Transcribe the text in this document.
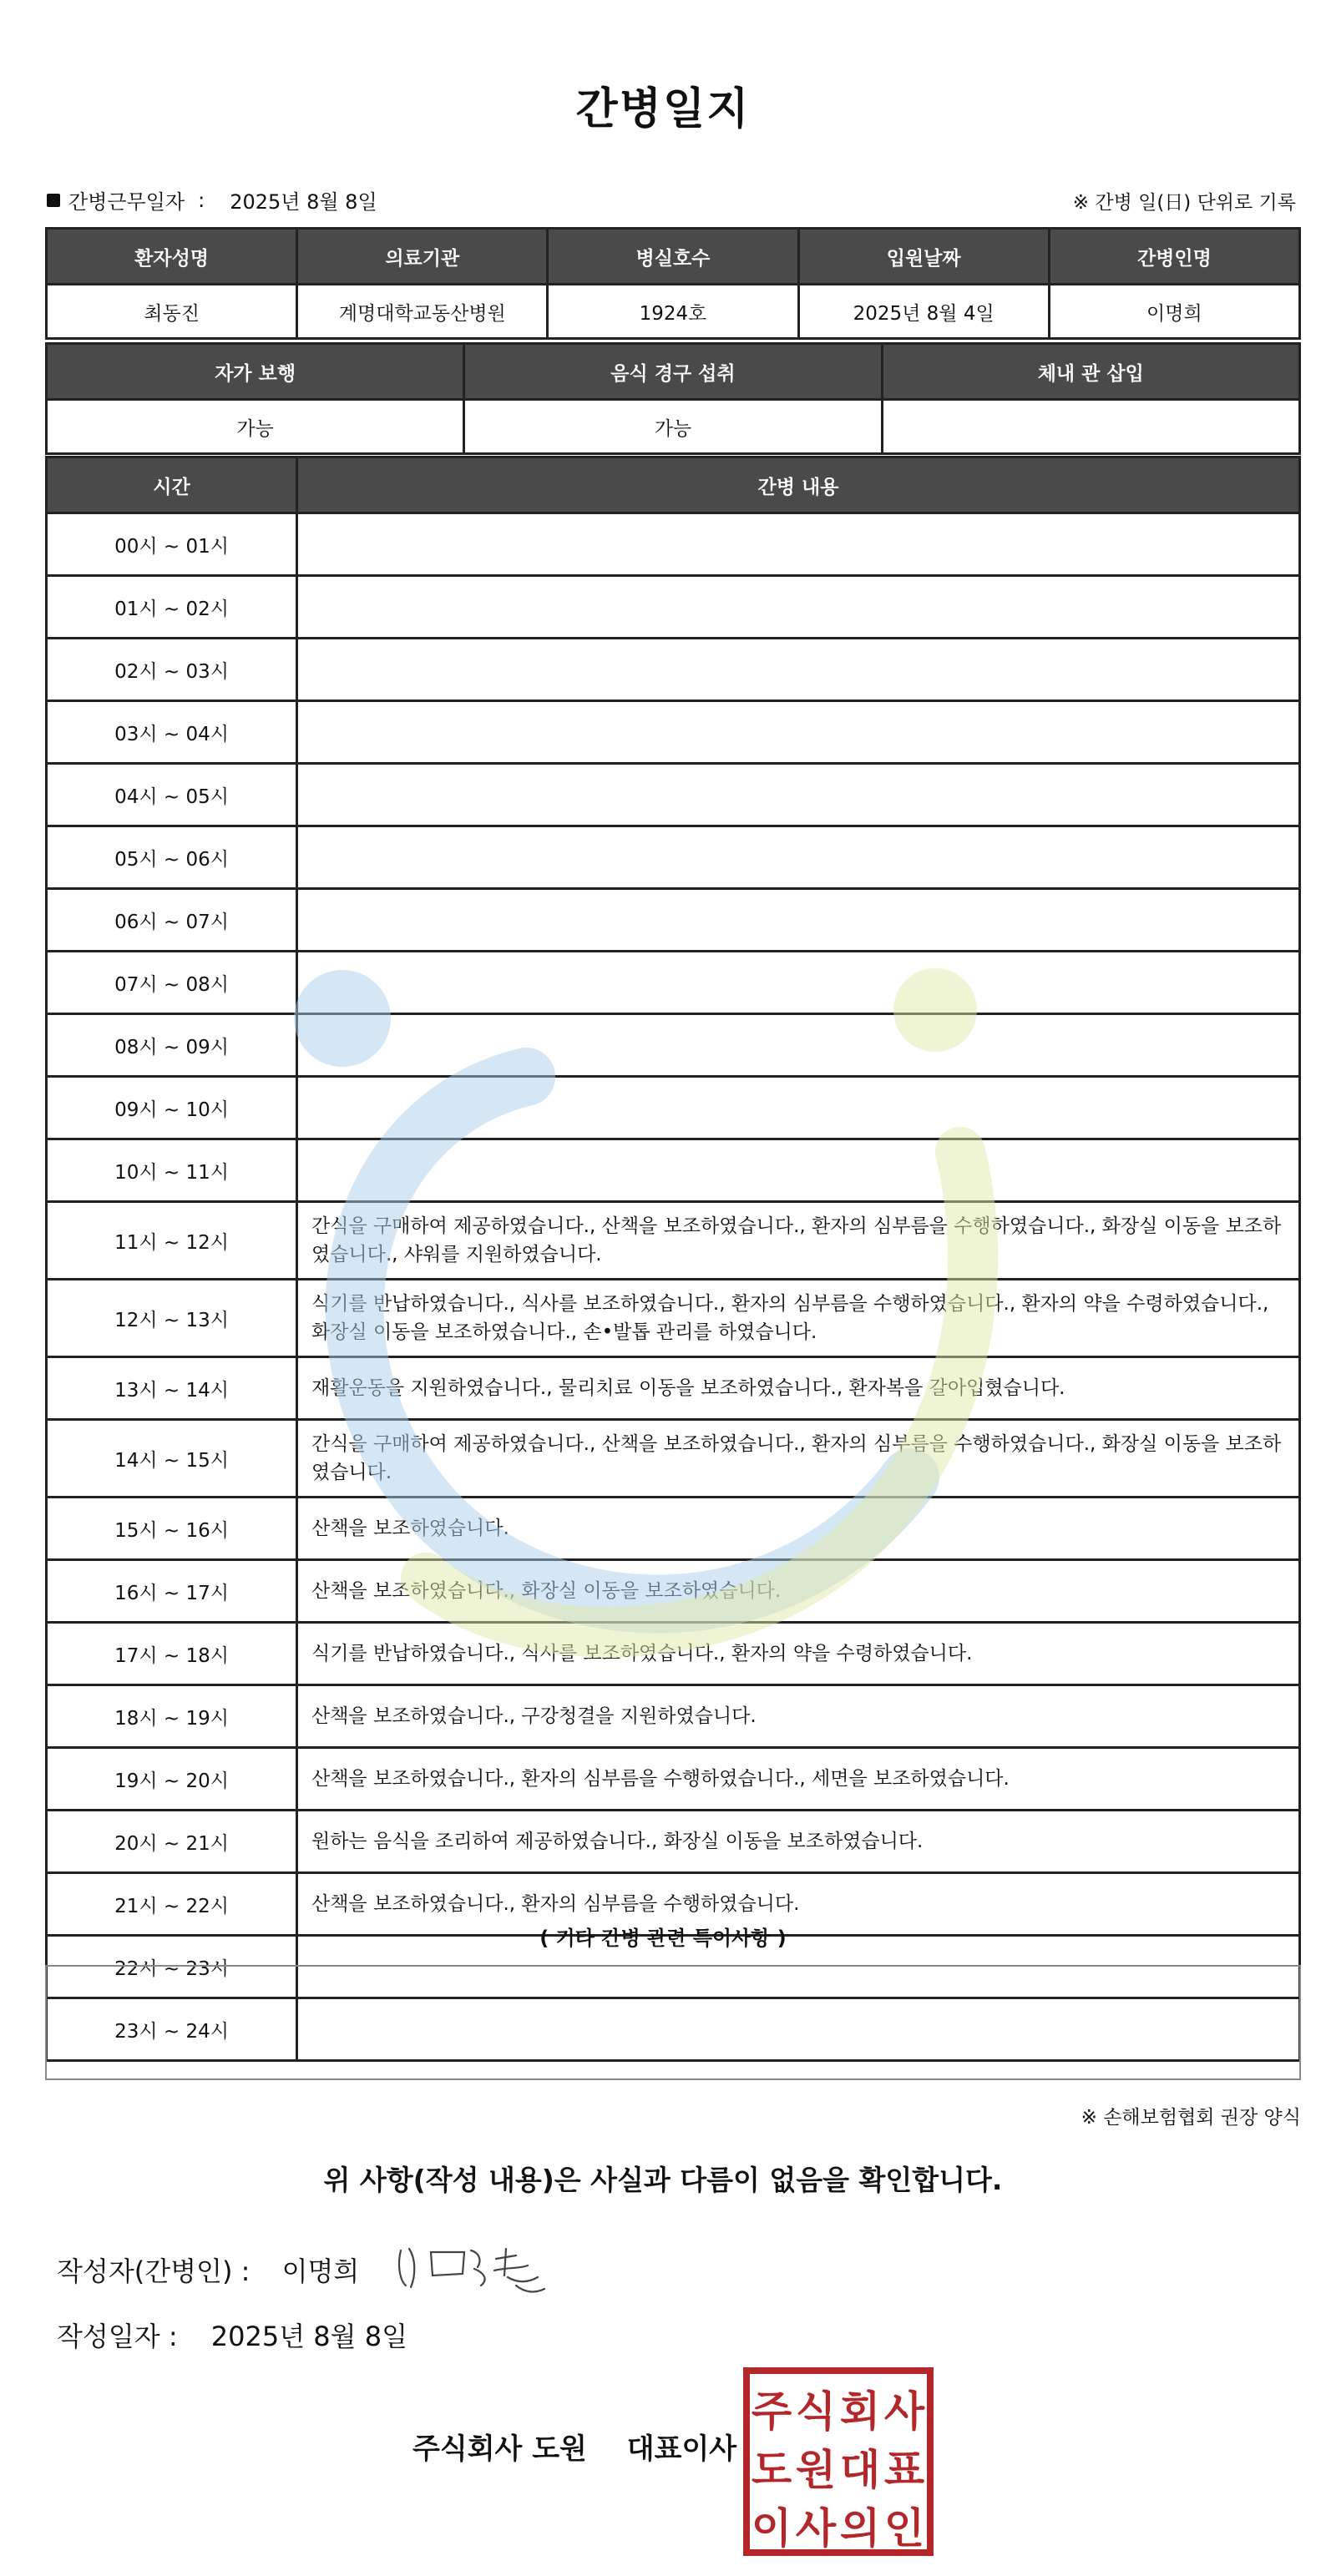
간병일지
간병근무일자 : 2025년 8월 8일	※ 간병 일(日) 단위로 기록
환자성명	의료기관	병실호수	입원날짜	간병인명
최동진	계명대학교동산병원	1924호	2025년 8월 4일	이명희
자가 보행	음식 경구 섭취	체내 관 삽입
가능	가능	
시간	간병 내용
00시 ~ 01시	
01시 ~ 02시	
02시 ~ 03시	
03시 ~ 04시	
04시 ~ 05시	
05시 ~ 06시	
06시 ~ 07시	
07시 ~ 08시	
08시 ~ 09시	
09시 ~ 10시	
10시 ~ 11시	
11시 ~ 12시	간식을 구매하여 제공하였습니다., 산책을 보조하였습니다., 환자의 심부름을 수행하였습니다., 화장실 이동을 보조하였습니다., 샤워를 지원하였습니다.
12시 ~ 13시	식기를 반납하였습니다., 식사를 보조하였습니다., 환자의 심부름을 수행하였습니다., 환자의 약을 수령하였습니다., 화장실 이동을 보조하였습니다., 손•발톱 관리를 하였습니다.
13시 ~ 14시	재활운동을 지원하였습니다., 물리치료 이동을 보조하였습니다., 환자복을 갈아입혔습니다.
14시 ~ 15시	간식을 구매하여 제공하였습니다., 산책을 보조하였습니다., 환자의 심부름을 수행하였습니다., 화장실 이동을 보조하였습니다.
15시 ~ 16시	산책을 보조하였습니다.
16시 ~ 17시	산책을 보조하였습니다., 화장실 이동을 보조하였습니다.
17시 ~ 18시	식기를 반납하였습니다., 식사를 보조하였습니다., 환자의 약을 수령하였습니다.
18시 ~ 19시	산책을 보조하였습니다., 구강청결을 지원하였습니다.
19시 ~ 20시	산책을 보조하였습니다., 환자의 심부름을 수행하였습니다., 세면을 보조하였습니다.
20시 ~ 21시	원하는 음식을 조리하여 제공하였습니다., 화장실 이동을 보조하였습니다.
21시 ~ 22시	산책을 보조하였습니다., 환자의 심부름을 수행하였습니다.
22시 ~ 23시	
23시 ~ 24시	
( 기타 간병 관련 특이사항 )
※ 손해보험협회 권장 양식
위 사항(작성 내용)은 사실과 다름이 없음을 확인합니다.
작성자(간병인) : 이명희
작성일자 : 2025년 8월 8일
주식회사 도원 대표이사
주 식 회 사
도 원 대 표
이 사 의 인
